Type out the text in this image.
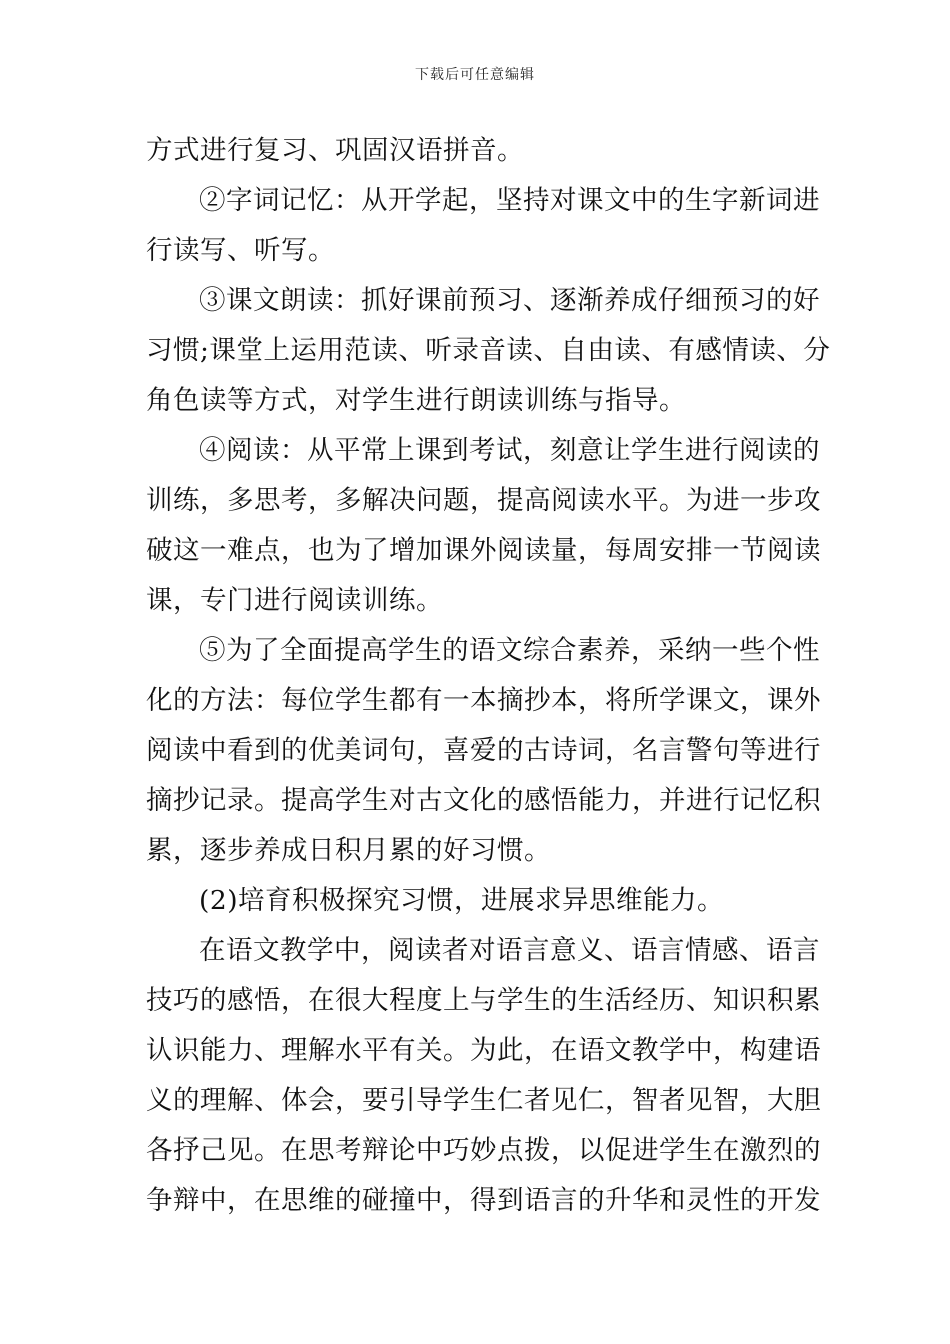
下载后可任意编辑

方式进行复习、巩固汉语拼音。

②字词记忆：从开学起，坚持对课文中的生字新词进
行读写、听写。

③课文朗读：抓好课前预习、逐渐养成仔细预习的好
习惯;课堂上运用范读、听录音读、自由读、有感情读、分
角色读等方式，对学生进行朗读训练与指导。

④阅读：从平常上课到考试，刻意让学生进行阅读的
训练，多思考，多解决问题，提高阅读水平。为进一步攻
破这一难点，也为了增加课外阅读量，每周安排一节阅读
课，专门进行阅读训练。

⑤为了全面提高学生的语文综合素养，采纳一些个性
化的方法：每位学生都有一本摘抄本，将所学课文，课外
阅读中看到的优美词句，喜爱的古诗词，名言警句等进行
摘抄记录。提高学生对古文化的感悟能力，并进行记忆积
累，逐步养成日积月累的好习惯。

(2)培育积极探究习惯，进展求异思维能力。

在语文教学中，阅读者对语言意义、语言情感、语言
技巧的感悟，在很大程度上与学生的生活经历、知识积累
认识能力、理解水平有关。为此，在语文教学中，构建语
义的理解、体会，要引导学生仁者见仁，智者见智，大胆
各抒己见。在思考辩论中巧妙点拨，以促进学生在激烈的
争辩中，在思维的碰撞中，得到语言的升华和灵性的开发
